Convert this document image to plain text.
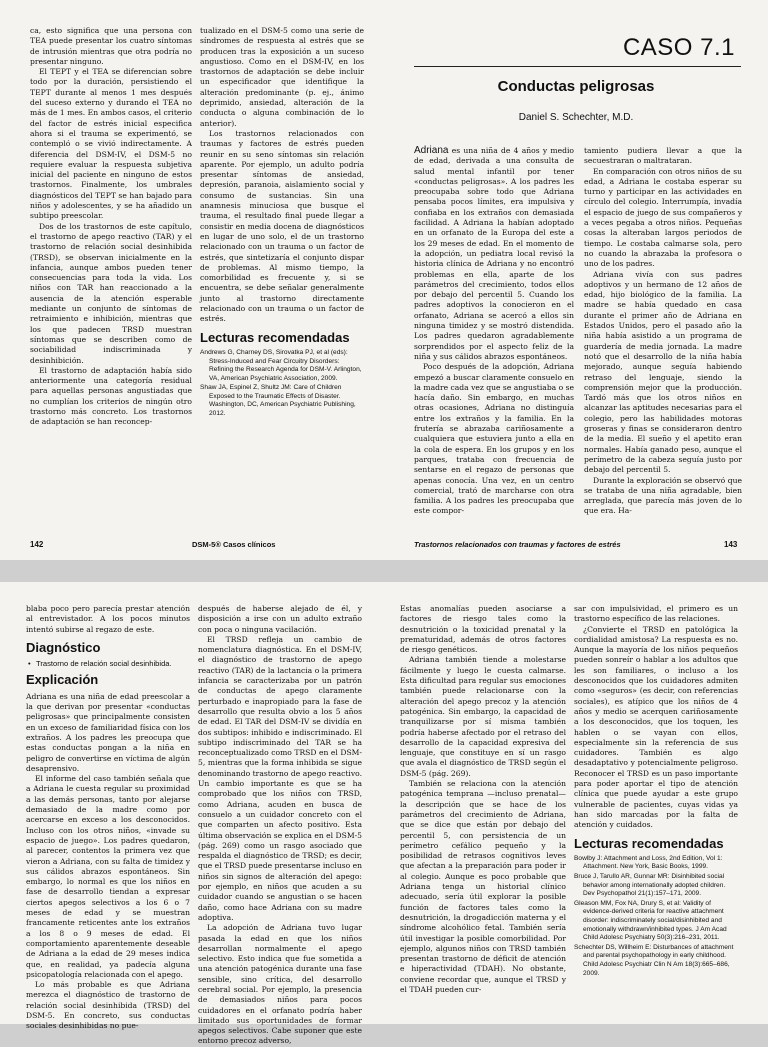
ca, esto significa que una persona con TEA puede presentar los cuatro síntomas de intrusión mientras que otra podría no presentar ninguno.

El TEPT y el TEA se diferencian sobre todo por la duración, persistiendo el TEPT durante al menos 1 mes después del suceso externo y durando el TEA no más de 1 mes. En ambos casos, el criterio del factor de estrés inicial especifica ahora si el trauma se experimentó, se contempló o se vivió indirectamente. A diferencia del DSM-IV, el DSM-5 no requiere evaluar la respuesta subjetiva inicial del paciente en ninguno de estos trastornos. Finalmente, los umbrales diagnósticos del TEPT se han bajado para niños y adolescentes, y se ha añadido un subtipo preescolar.

Dos de los trastornos de este capítulo, el trastorno de apego reactivo (TAR) y el trastorno de relación social desinhibida (TRSD), se observan inicialmente en la infancia, aunque ambos pueden tener consecuencias para toda la vida. Los niños con TAR han reaccionado a la ausencia de la atención esperable mediante un conjunto de síntomas de retraimiento e inhibición, mientras que los que padecen TRSD muestran síntomas que se describen como de sociabilidad indiscriminada y desinhibición.

El trastorno de adaptación había sido anteriormente una categoría residual para aquellas personas angustiadas que no cumplían los criterios de ningún otro trastorno más concreto. Los trastornos de adaptación se han reconcep-

tualizado en el DSM-5 como una serie de síndromes de respuesta al estrés que se producen tras la exposición a un suceso angustioso. Como en el DSM-IV, en los trastornos de adaptación se debe incluir un especificador que identifique la alteración predominante (p. ej., ánimo deprimido, ansiedad, alteración de la conducta o alguna combinación de lo anterior).

Los trastornos relacionados con traumas y factores de estrés pueden reunir en su seno síntomas sin relación aparente. Por ejemplo, un adulto podría presentar síntomas de ansiedad, depresión, paranoia, aislamiento social y consumo de sustancias. Sin una anamnesis minuciosa que busque el trauma, el resultado final puede llegar a consistir en media docena de diagnósticos en lugar de uno solo, el de un trastorno relacionado con un trauma o un factor de estrés, que sintetizaría el conjunto dispar de problemas. Al mismo tiempo, la comorbilidad es frecuente y, si se encuentra, se debe señalar generalmente junto al trastorno directamente relacionado con un trauma o un factor de estrés.

Lecturas recomendadas
Andrews G, Charney DS, Sirovatka PJ, et al (eds): Stress-Induced and Fear Circuitry Disorders: Refining the Research Agenda for DSM-V. Arlington, VA, American Psychiatric Association, 2009.
Shaw JA, Espinel Z, Shultz JM: Care of Children Exposed to the Traumatic Effects of Disaster. Washington, DC, American Psychiatric Publishing, 2012.
142	DSM-5® Casos clínicos
CASO 7.1
Conductas peligrosas
Daniel S. Schechter, M.D.

Adriana es una niña de 4 años y medio de edad, derivada a una consulta de salud mental infantil por tener «conductas peligrosas». A los padres les preocupaba sobre todo que Adriana pensaba pocos límites, era impulsiva y confiaba en los extraños con demasiada facilidad. A Adriana la habían adoptado en un orfanato de la Europa del este a los 29 meses de edad. En el momento de la adopción, un pediatra local revisó la historia clínica de Adriana y no encontró problemas en ella, aparte de los parámetros del crecimiento, todos ellos por debajo del percentil 5. Cuando los padres adoptivos la conocieron en el orfanato, Adriana se acercó a ellos sin ninguna timidez y se mostró distendida. Los padres quedaron agradablemente sorprendidos por el aspecto feliz de la niña y sus cálidos abrazos espontáneos.

Poco después de la adopción, Adriana empezó a buscar claramente consuelo en la madre cada vez que se angustiaba o se hacía daño. Sin embargo, en muchas otras ocasiones, Adriana no distinguía entre los extraños y la familia. En la frutería se abrazaba cariñosamente a cualquiera que estuviera junto a ella en la cola de espera. En los grupos y en los parques, trataba con frecuencia de sentarse en el regazo de personas que apenas conocía. Una vez, en un centro comercial, trató de marcharse con otra familia. A los padres les preocupaba que este compor-

tamiento pudiera llevar a que la secuestraran o maltrataran.

En comparación con otros niños de su edad, a Adriana le costaba esperar su turno y participar en las actividades en círculo del colegio. Interrumpía, invadía el espacio de juego de sus compañeros y a veces pegaba a otros niños. Pequeñas cosas la alteraban largos periodos de tiempo. Le costaba calmarse sola, pero no cuando la abrazaba la profesora o uno de los padres.

Adriana vivía con sus padres adoptivos y un hermano de 12 años de edad, hijo biológico de la familia. La madre se había quedado en casa durante el primer año de Adriana en Estados Unidos, pero el pasado año la niña había asistido a un programa de guardería de media jornada. La madre notó que el desarrollo de la niña había mejorado, aunque seguía habiendo retraso del lenguaje, siendo la comprensión mejor que la producción. Tardó más que los otros niños en alcanzar las aptitudes necesarias para el colegio, pero las habilidades motoras groseras y finas se consideraron dentro de la media. El sueño y el apetito eran normales. Había ganado peso, aunque el perímetro de la cabeza seguía justo por debajo del percentil 5.

Durante la exploración se observó que se trataba de una niña agradable, bien arreglada, que parecía más joven de lo que era. Ha-

Trastornos relacionados con traumas y factores de estrés	143

blaba poco pero parecía prestar atención al entrevistador. A los pocos minutos intentó subirse al regazo de este.

Diagnóstico
• Trastorno de relación social desinhibida.
Explicación

Adriana es una niña de edad preescolar a la que derivan por presentar «conductas peligrosas» que principalmente consisten en un exceso de familiaridad física con los extraños. A los padres les preocupa que estas conductas pongan a la niña en peligro de convertirse en víctima de algún desaprensivo.

El informe del caso también señala que a Adriana le cuesta regular su proximidad a las demás personas, tanto por alejarse demasiado de la madre como por acercarse en exceso a los desconocidos. Incluso con los otros niños, «invade su espacio de juego». Los padres quedaron, al parecer, contentos la primera vez que vieron a Adriana, con su falta de timidez y sus cálidos abrazos espontáneos. Sin embargo, lo normal es que los niños en fase de desarrollo tiendan a expresar ciertos apegos selectivos a los 6 o 7 meses de edad y se muestran francamente reticentes ante los extraños a los 8 o 9 meses de edad. El comportamiento aparentemente deseable de Adriana a la edad de 29 meses indica que, en realidad, ya padecía alguna psicopatología relacionada con el apego.

Lo más probable es que Adriana merezca el diagnóstico de trastorno de relación social desinhibida (TRSD) del DSM-5. En concreto, sus conductas sociales desinhibidas no pue-

después de haberse alejado de él, y disposición a irse con un adulto extraño con poca o ninguna vacilación.

El TRSD refleja un cambio de nomenclatura diagnóstica. En el DSM-IV, el diagnóstico de trastorno de apego reactivo (TAR) de la lactancia o la primera infancia se caracterizaba por un patrón de conductas de apego claramente perturbado e inapropiado para la fase de desarrollo que resulta obvio a los 5 años de edad. El TAR del DSM-IV se dividía en dos subtipos: inhibido e indiscriminado. El subtipo indiscriminado del TAR se ha reconceptualizado como TRSD en el DSM-5, mientras que la forma inhibida se sigue denominando trastorno de apego reactivo. Un cambio importante es que se ha comprobado que los niños con TRSD, como Adriana, acuden en busca de consuelo a un cuidador concreto con el que comparten un afecto positivo. Esta última observación se explica en el DSM-5 (pág. 269) como un rasgo asociado que respalda el diagnóstico de TRSD; es decir, que el TRSD puede presentarse incluso en niños sin signos de alteración del apego: por ejemplo, en niños que acuden a su cuidador cuando se angustian o se hacen daño, como hace Adriana con su madre adoptiva.

La adopción de Adriana tuvo lugar pasada la edad en que los niños desarrollan normalmente el apego selectivo. Esto indica que fue sometida a una atención patogénica durante una fase sensible, sino crítica, del desarrollo cerebral social. Por ejemplo, la presencia de demasiados niños para pocos cuidadores en el orfanato podría haber limitado sus oportunidades de formar apegos selectivos. Cabe suponer que este entorno precoz adverso,

Estas anomalías pueden asociarse a factores de riesgo tales como la desnutrición o la toxicidad prenatal y la prematuridad, además de otros factores de riesgo genéticos.

Adriana también tiende a molestarse fácilmente y luego le cuesta calmarse. Esta dificultad para regular sus emociones también puede relacionarse con la alteración del apego precoz y la atención patogénica. Sin embargo, la capacidad de tranquilizarse por sí misma también podría haberse afectado por el retraso del desarrollo de la capacidad expresiva del lenguaje, que constituye en sí un rasgo que avala el diagnóstico de TRSD según el DSM-5 (pág. 269).

También se relaciona con la atención patogénica temprana —incluso prenatal— la descripción que se hace de los parámetros del crecimiento de Adriana, que se dice que están por debajo del percentil 5, con persistencia de un perímetro cefálico pequeño y la posibilidad de retrasos cognitivos leves que afectan a la preparación para poder ir al colegio. Aunque es poco probable que Adriana tenga un historial clínico adecuado, sería útil explorar la posible función de factores tales como la desnutrición, la drogadicción materna y el síndrome alcohólico fetal. También sería útil investigar la posible comorbilidad. Por ejemplo, algunos niños con TRSD también presentan trastorno de déficit de atención e hiperactividad (TDAH). No obstante, conviene recordar que, aunque el TRSD y el TDAH pueden cur-

sar con impulsividad, el primero es un trastorno específico de las relaciones.

¿Convierte el TRSD en patológica la cordialidad amistosa? La respuesta es no. Aunque la mayoría de los niños pequeños pueden sonreír o hablar a los adultos que les son familiares, o incluso a los desconocidos que los cuidadores admiten como «seguros» (es decir, con referencias sociales), es atípico que los niños de 4 años y medio se acerquen cariñosamente a los desconocidos, que los toquen, les hablen o se vayan con ellos, especialmente sin la referencia de sus cuidadores. También es algo desadaptativo y potencialmente peligroso. Reconocer el TRSD es un paso importante para poder aportar el tipo de atención clínica que puede ayudar a este grupo vulnerable de pacientes, cuyas vidas ya han sido marcadas por la falta de atención y cuidados.

Lecturas recomendadas
Bowlby J: Attachment and Loss, 2nd Edition, Vol 1: Attachment. New York, Basic Books, 1999.
Bruce J, Tarullo AR, Gunnar MR: Disinhibited social behavior among internationally adopted children. Dev Psychopathol 21(1):157–171, 2009.
Gleason MM, Fox NA, Drury S, et al: Validity of evidence-derived criteria for reactive attachment disorder: indiscriminately social/disinhibited and emotionally withdrawn/inhibited types. J Am Acad Child Adolesc Psychiatry 50(3):216–231, 2011.
Schechter DS, Willheim E: Disturbances of attachment and parental psychopathology in early childhood. Child Adolesc Psychiatr Clin N Am 18(3):665–686, 2009.
